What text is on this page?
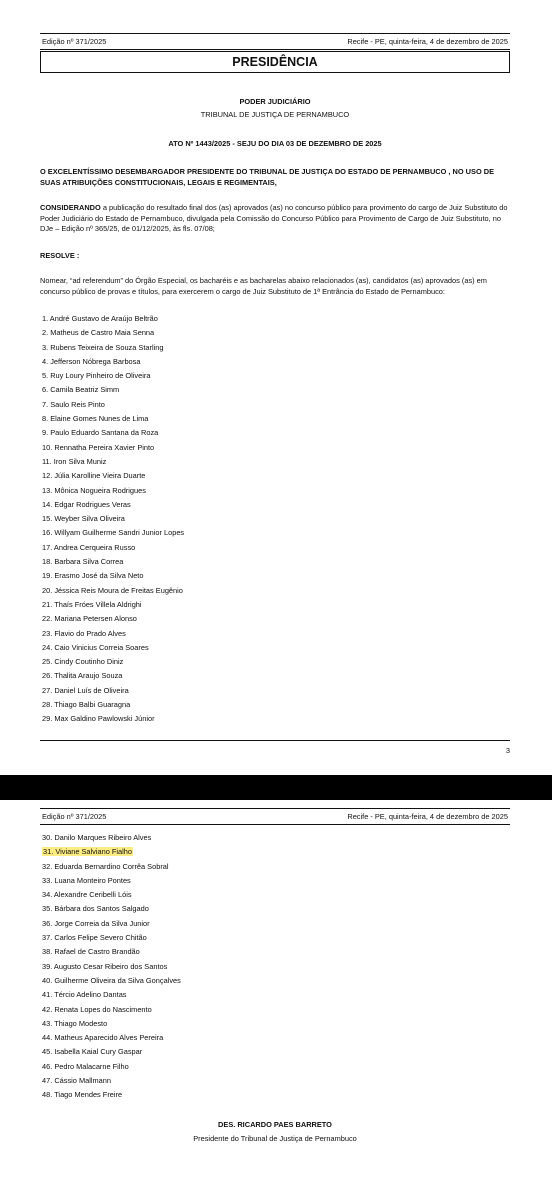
Edição nº 371/2025	Recife - PE, quinta-feira, 4 de dezembro de 2025
PRESIDÊNCIA
PODER JUDICIÁRIO
TRIBUNAL DE JUSTIÇA DE PERNAMBUCO
ATO Nº 1443/2025 - SEJU DO DIA 03 DE DEZEMBRO DE 2025
O EXCELENTÍSSIMO DESEMBARGADOR PRESIDENTE DO TRIBUNAL DE JUSTIÇA DO ESTADO DE PERNAMBUCO , NO USO DE SUAS ATRIBUIÇÕES CONSTITUCIONAIS, LEGAIS E REGIMENTAIS,
CONSIDERANDO a publicação do resultado final dos (as) aprovados (as) no concurso público para provimento do cargo de Juiz Substituto do Poder Judiciário do Estado de Pernambuco, divulgada pela Comissão do Concurso Público para Provimento de Cargo de Juiz Substituto, no DJe – Edição nº 365/25, de 01/12/2025, às fls. 07/08;
RESOLVE :
Nomear, “ad referendum” do Órgão Especial, os bacharéis e as bacharelas abaixo relacionados (as), candidatos (as) aprovados (as) em concurso público de provas e títulos, para exercerem o cargo de Juiz Substituto de 1ª Entrância do Estado de Pernambuco:
1. André Gustavo de Araújo Beltrão
2. Matheus de Castro Maia Senna
3. Rubens Teixeira de Souza Starling
4. Jefferson Nóbrega Barbosa
5. Ruy Loury Pinheiro de Oliveira
6. Camila Beatriz Simm
7. Saulo Reis Pinto
8. Elaine Gomes Nunes de Lima
9. Paulo Eduardo Santana da Roza
10. Rennatha Pereira Xavier Pinto
11. Iron Silva Muniz
12. Júlia Karolline Vieira Duarte
13. Mônica Nogueira Rodrigues
14. Edgar Rodrigues Veras
15. Weyber Silva Oliveira
16. Willyam Guilherme Sandri Junior Lopes
17. Andrea Cerqueira Russo
18. Barbara Silva Correa
19. Erasmo José da Silva Neto
20. Jéssica Reis Moura de Freitas Eugênio
21. Thaís Fróes Villela Aldrighi
22. Mariana Petersen Alonso
23. Flavio do Prado Alves
24. Caio Vinicius Correia Soares
25. Cindy Coutinho Diniz
26. Thalita Araujo Souza
27. Daniel Luís de Oliveira
28. Thiago Balbi Guaragna
29. Max Galdino Pawlowski Júnior
3
Edição nº 371/2025	Recife - PE, quinta-feira, 4 de dezembro de 2025
30. Danilo Marques Ribeiro Alves
31. Viviane Salviano Fialho
32. Eduarda Bernardino Corrêa Sobral
33. Luana Monteiro Pontes
34. Alexandre Ceribelli Lóis
35. Bárbara dos Santos Salgado
36. Jorge Correia da Silva Junior
37. Carlos Felipe Severo Chitão
38. Rafael de Castro Brandão
39. Augusto Cesar Ribeiro dos Santos
40. Guilherme Oliveira da Silva Gonçalves
41. Tércio Adelino Dantas
42. Renata Lopes do Nascimento
43. Thiago Modesto
44. Matheus Aparecido Alves Pereira
45. Isabella Kaial Cury Gaspar
46. Pedro Malacarne Filho
47. Cássio Mallmann
48. Tiago Mendes Freire
DES. RICARDO PAES BARRETO
Presidente do Tribunal de Justiça de Pernambuco
